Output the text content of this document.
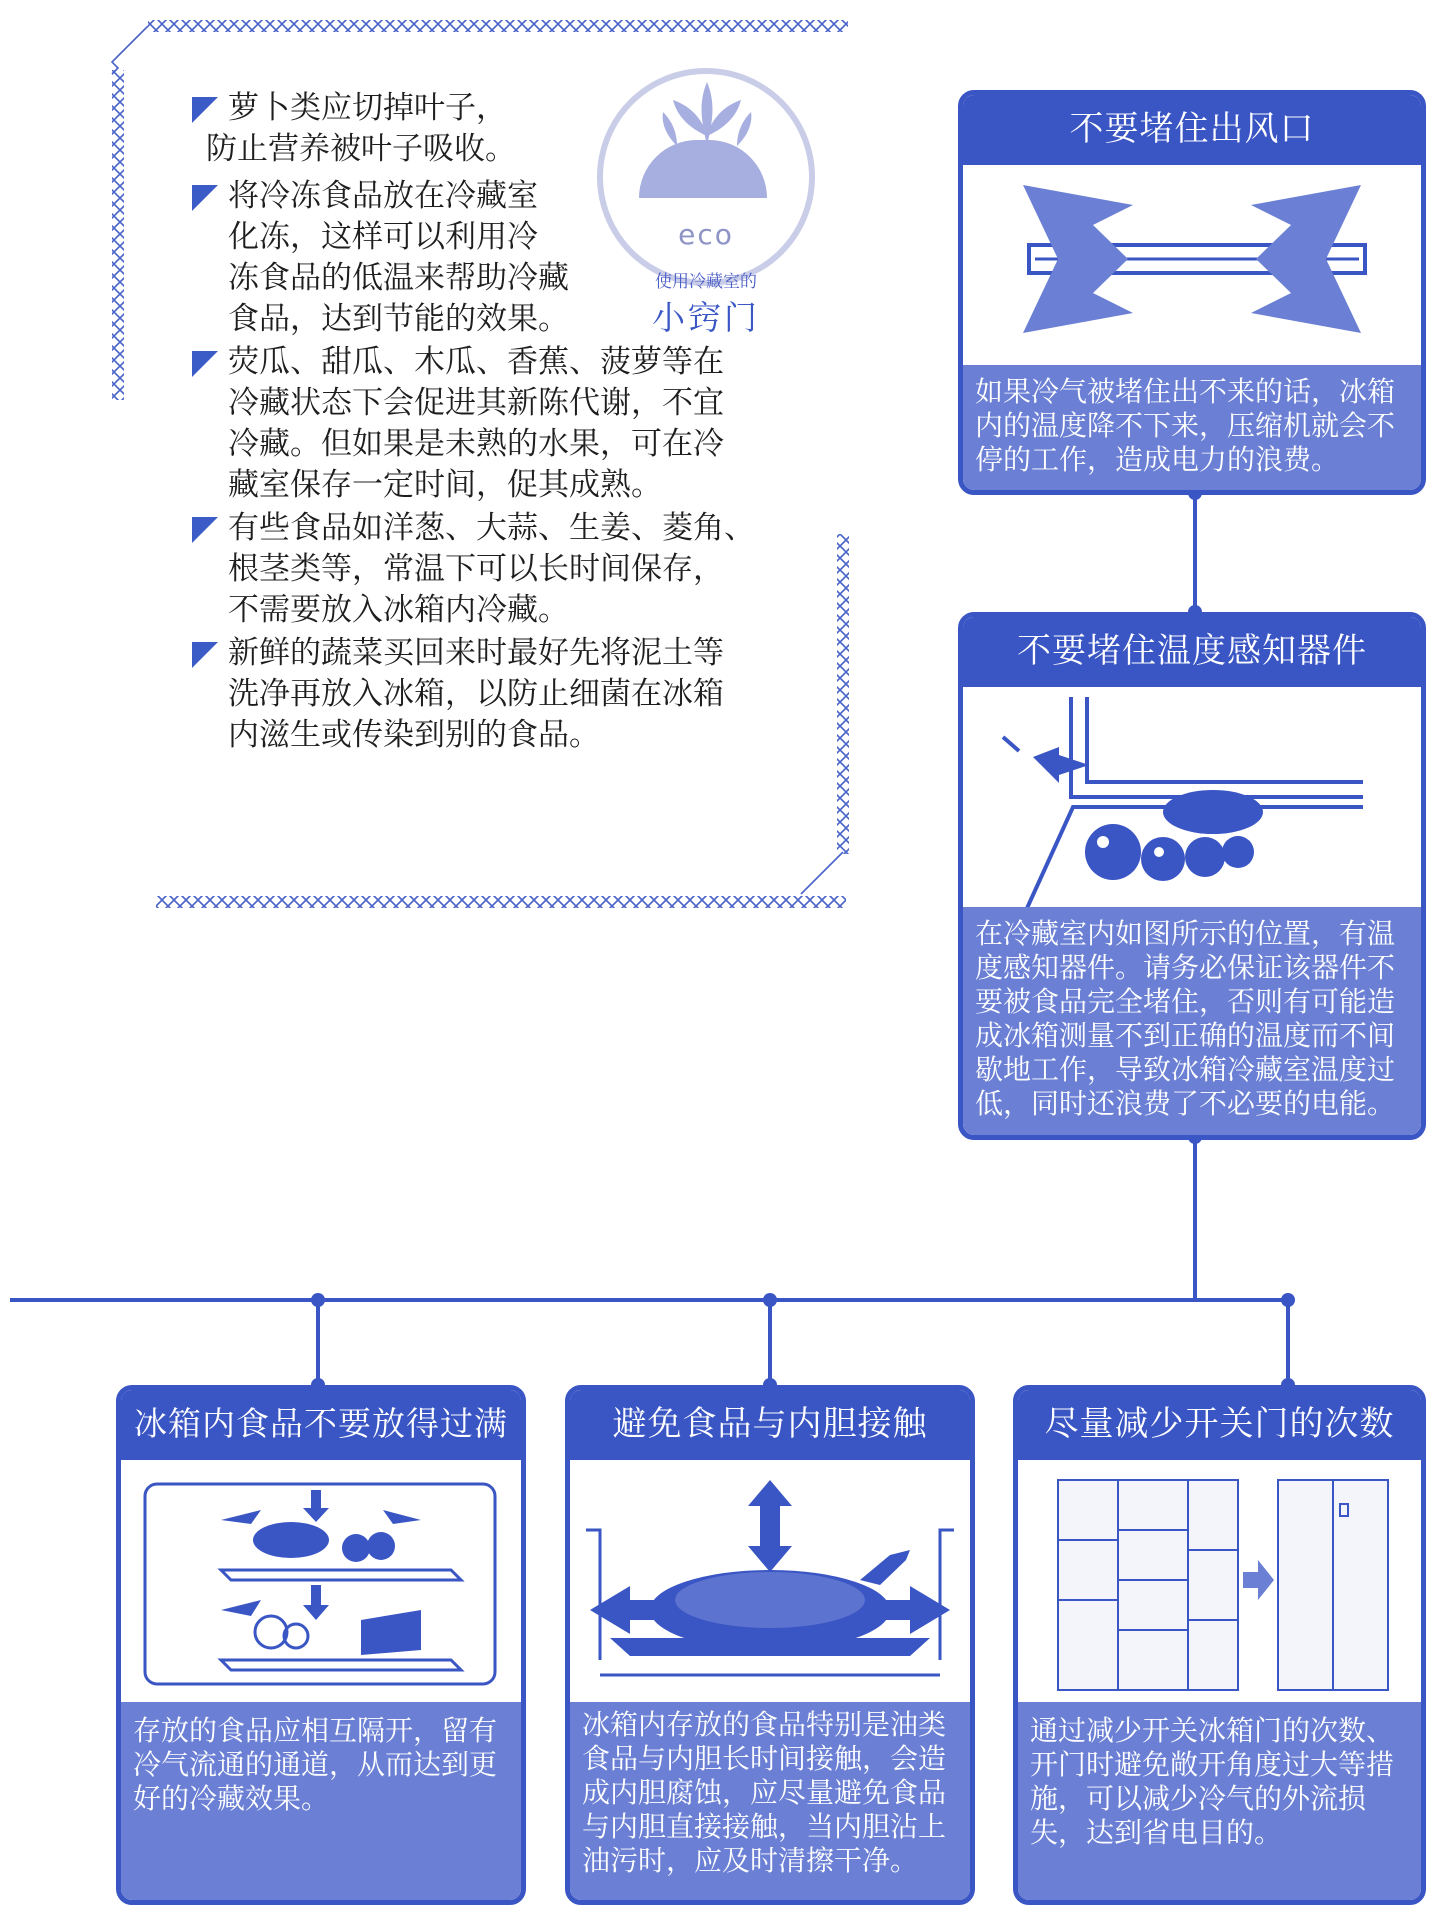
萝卜类应切掉叶子，

防止营养被叶子吸收。

将冷冻食品放在冷藏室

化冻，这样可以利用冷

冻食品的低温来帮助冷藏

食品，达到节能的效果。

荧瓜、甜瓜、木瓜、香蕉、菠萝等在

冷藏状态下会促进其新陈代谢，不宜

冷藏。但如果是未熟的水果，可在冷

藏室保存一定时间，促其成熟。

有些食品如洋葱、大蒜、生姜、菱角、

根茎类等，常温下可以长时间保存，

不需要放入冰箱内冷藏。

新鲜的蔬菜买回来时最好先将泥土等

洗净再放入冰箱，以防止细菌在冰箱

内滋生或传染到别的食品。

eco
使用冷藏室的
小窍门
不要堵住出风口
如果冷气被堵住出不来的话，冰箱内的温度降不下来，压缩机就会不停的工作，造成电力的浪费。
不要堵住温度感知器件
在冷藏室内如图所示的位置，有温度感知器件。请务必保证该器件不要被食品完全堵住，否则有可能造成冰箱测量不到正确的温度而不间歇地工作，导致冰箱冷藏室温度过低，同时还浪费了不必要的电能。
冰箱内食品不要放得过满
存放的食品应相互隔开，留有冷气流通的通道，从而达到更好的冷藏效果。
避免食品与内胆接触
冰箱内存放的食品特别是油类食品与内胆长时间接触，会造成内胆腐蚀，应尽量避免食品与内胆直接接触，当内胆沾上油污时，应及时清擦干净。
尽量减少开关门的次数
通过减少开关冰箱门的次数、开门时避免敞开角度过大等措施，可以减少冷气的外流损失，达到省电目的。
